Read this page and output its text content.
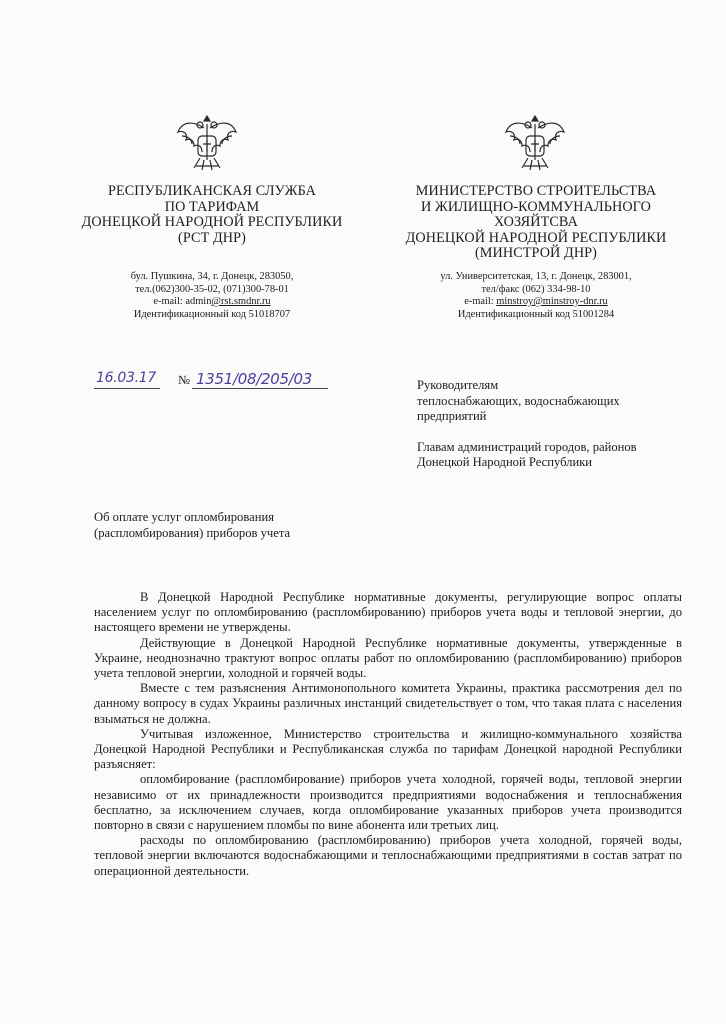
РЕСПУБЛИКАНСКАЯ СЛУЖБА
ПО ТАРИФАМ
ДОНЕЦКОЙ НАРОДНОЙ РЕСПУБЛИКИ
(РСТ ДНР)
бул. Пушкина, 34, г. Донецк, 283050,
тел.(062)300-35-02, (071)300-78-01
e-mail: admin@rst.smdnr.ru
Идентификационный код 51018707
МИНИСТЕРСТВО СТРОИТЕЛЬСТВА
И ЖИЛИЩНО-КОММУНАЛЬНОГО
ХОЗЯЙТСВА
ДОНЕЦКОЙ НАРОДНОЙ РЕСПУБЛИКИ
(МИНСТРОЙ ДНР)
ул. Университетская, 13, г. Донецк, 283001,
тел/факс (062) 334-98-10
e-mail: minstroy@minstroy-dnr.ru
Идентификационный код 51001284
16.03.17 № 1351/08/205/03	Руководителям
теплоснабжающих, водоснабжающих
предприятий
Главам администраций городов, районов
Донецкой Народной Республики
Об оплате услуг опломбирования
(распломбирования) приборов учета

В Донецкой Народной Республике нормативные документы, регулирующие вопрос оплаты населением услуг по опломбированию (распломбированию) приборов учета воды и тепловой энергии, до настоящего времени не утверждены.

Действующие в Донецкой Народной Республике нормативные документы, утвержденные в Украине, неоднозначно трактуют вопрос оплаты работ по опломбированию (распломбированию) приборов учета тепловой энергии, холодной и горячей воды.

Вместе с тем разъяснения Антимонопольного комитета Украины, практика рассмотрения дел по данному вопросу в судах Украины различных инстанций свидетельствует о том, что такая плата с населения взыматься не должна.

Учитывая изложенное, Министерство строительства и жилищно-коммунального хозяйства Донецкой Народной Республики и Республиканская служба по тарифам Донецкой народной Республики разъясняет:

опломбирование (распломбирование) приборов учета холодной, горячей воды, тепловой энергии независимо от их принадлежности производится предприятиями водоснабжения и теплоснабжения бесплатно, за исключением случаев, когда опломбирование указанных приборов учета производится повторно в связи с нарушением пломбы по вине абонента или третьих лиц.

расходы по опломбированию (распломбированию) приборов учета холодной, горячей воды, тепловой энергии включаются водоснабжающими и теплоснабжающими предприятиями в состав затрат по операционной деятельности.
